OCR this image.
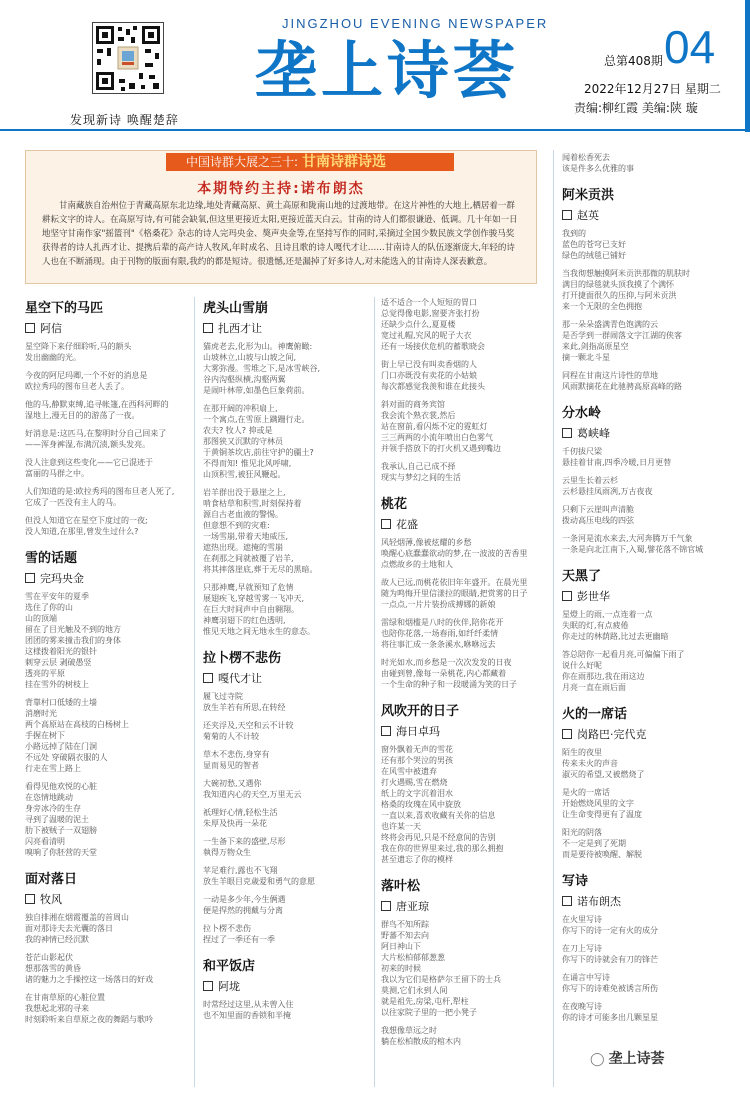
发现新诗 唤醒楚辞
JINGZHOU EVENING NEWSPAPER
垄上诗荟	04
总第408期
2022年12月27日 星期二
责编:柳红霞 美编:陕 璇
中国诗群大展之三十: 甘南诗群诗选
本期特约主持:诺布朗杰
甘南藏族自治州位于青藏高原东北边缘,地处青藏高原、黄土高原和陇南山地的过渡地带。在这片神性的大地上,栖居着一群耕耘文字的诗人。在高原写诗,有可能会缺氧,但这里更接近太阳,更接近蓝天白云。甘南的诗人们都很谦逊、低调。几十年如一日地坚守甘南作家"摇篮刊"《格桑花》杂志的诗人完玛央金、獒声央金等,在坚持写作的同时,采摘过全国少数民族文学创作骏马奖获得者的诗人扎西才让、提携后辈的高产诗人牧风,年时成名、且诗且歌的诗人嘎代才让……甘南诗人的队伍逐渐庞大,年轻的诗人也在不断涌现。由于刊物的版面有限,我约的都是短诗。很遗憾,还是漏掉了好多诗人,对未能选入的甘南诗人深表歉意。
星空下的马匹
阿信

星空降下来仔细聆听,马的额头
发出幽幽的光。

今夜的阿尼玛卿,一个不好的消息是
欧拉秀玛的图布旦老人丢了。

他的马,静默束缚,追寻帐篷,在西科河畔的
湿地上,漫无目的的游荡了一夜。

好消息是:这匹马,在黎明时分自己回来了
——浑身裤湿,布满沉渍,额头发亮。

没人注意到这些变化——它已混迹于
富丽的马群之中。

人们知道的是:欧拉秀玛的图布旦老人死了,
它成了一匹没有主人的马。

但没人知道它在星空下度过的一夜;
没人知道,在那里,曾发生过什么?

雪的话题
完玛央金

雪在平安年的夏季
选住了你的山
山的顶端
留在了目光触及不到的地方
团团的雾来撞击我们的身体
这様拨着阳光的银针
刺穿云层 剥破愚竖
透亮的平原
挂在雪外的树枝上

背靠村口低矮的土墙
消磨时光
两个高原站在高枝的白杨树上
手握在树下
小路远掉了陆在门洞
不远处 穿破隔衣服的人
行走在雪上路上

看得见他欢悦的心脏
在恣情地跳动
身旁冰冷的生存
寻到了温暖的泥土
肋下被贼子一双翅膀
闪亮看清明
嗅响了你胚营的天堂

面对落日
牧风

独自排湘在烟霞覆盖的首周山
面对那诗夫去光囊的落日
我的神情已经沉默

苍茫山影起伏
想那落雪的黄昏
诸的魅力之手操控这一场落日的好戏

在甘南草原的心脏位置
我想起北邪的寻来
时刻聆听来自草原之夜的舞蹈与歌吟

虎头山雪崩
扎西才让

猫虎老去,化形为山。神鹰俯瞰:
山坡林立,山坡与山坡之间,
大雾弥漫。雪堆之下,是冰雪峡谷,
谷内沟壑纵横,沟壑两翼
是闹叶林带,如墨色巨象荷前。

在那开阔的冲积扇上,
一个寓点,在雪原上蹒跚行走。
农夫? 牧人? 抑或是
那图狭又沉默的守林员
于黄铜茶坎店,前往守护的疆土?
不得而知! 惟见北风呼啸,
山顶积雪,被狂风鞭起。

岩羊群出没于悬崖之上,
啃食枯草和积雪,时刻保持着
源自古老血液的警惕。
但意想不到的灾难:
一场雪崩,带着天地威压,
遮热出现。遮掩的雪崩
在刹那之间就被覆了岩羊,
将其摔落崖底,葬于无尽的黑暗。

只那神鹰,早就预知了危情
展翅疾飞,穿越雪雾一飞冲天,
在巨大时间声中自由翱翔。
神鹰羽翅下的红色透明,
惟见天地之间无地永生的意态。

拉卜楞不悲伤
嘎代才让

履飞过寺院
放生羊若有所思,在转经

还夹浮及,天空和云不计较
菊菊的人不计较

草木不悲伤,身穿有
显而易见的智者

大碗初愁,又遇你
我知道内心的天空,万里无云

祇理好心情,轻松生活
朱厚及快再一朵花

一生备下来的盛壁,尽形
執得万物众生

苹足难行,露也不飞翔
放生羊眼目克歳爱和勇气的意愿

一动是多少年,今生俩遇
便是捍然的拥戴与分离

拉卜楞不悲伤
捏过了一季还有一季

和平饭店
阿垅

时常经过这里,从未曾入住
也不知里面的香锁和半掩

适不适合一个人短短的胃口
总觉得像电影,窗要齐张打扮
还缺少点什么,夏夏楼
宽过礼帽,究风的呢子大衣
还有一场接伏危机的蓄歌晓会

街上早已没有叫卖香烟的人
门口亦既没有卖花的小姑娘
每次都感觉我羡和谁在此接头

斜对面的商务宾馆
我会流个熟衣裳,然后
站在窗前,看闪烁不定的霓虹灯
三三两两的小流年喷出白色雾气
并领手搭放下的打火机又遇到嘴边

我承认,自己已成不择
现实与梦幻之间的生活

桃花
花盛

风轻烟薄,像被炫耀的乡愁
唤醒心底蠢蠢欲动的梦,在一波波的苦香里
点燃故乡的土地和人

故人已远,而桃花依旧年年盛开。在晨光里
随为鸣悔开里信漾拉的眼睛,把赏雾的日子
一点点,一片片装扮成搏娜的新娘

雷绿和烟槛是八时的伙伴,陪你花开
也陪你花落,一场春雨,如纤纤柔情
将往事汇成一条条溪水,咻咻远去

时光如水,而乡愁是一次次发发的日夜
由碰到曾,像每一朵桃花,内心都藏着
一个生命的种子和一段暖涌为笑的日子

风吹开的日子
海日卓玛

窗外飘着无声的雪花
还有那个哭泣的男孩
在风雪中被遗弃
打火遇赐,雪在燃烧
纸上的文字沉着泪水
格桑的玫瑰在风中旋放
一直以来,喜欢收藏有关你的信息
也许某一天
终将会再见,只是不经意间的告别
我在你的世界里来过,我的那么拥抱
甚至遗忘了你的模样

落叶松
唐亚琼

群鸟不知所踪
野蕃不知去向
阿日神山下
大片松柏郁郁葱葱
初来的时候
我以为它们是格萨尔王留下的士兵
莫测,它们永到人间
就是祖先,房梁,屯杆,犁柱
以往家院子里的一把小凳子

我想像草远之时
躺在松柏散成的棺木内

闻着松香死去
该是件多么优雅的事

阿米贡洪
赵英

我到的
蓝色的苍穹已支好
绿色的绒毯已铺好

当我彻想触摸阿米贡洪那微的肌肤时
满目的绿毯就头顶我摸了个满怀
打开捷面很久的压抑,与阿米贡洪
来一个无限的全色拥抱

那一朵朵盛满青色饱满的云
是否学到一群闹落文字江湖的侠客
来此,剑指高原星空
摘一颗北斗星

同程在甘南这片诗性的草地
风雨默摘花在此驰骋高原高峰的路

分水岭
葛峡峰

千仞拔尺梁
悬挂着甘南,四季冷暖,日月更替

云里生长着云杉
云杉悬挂凤雨冽,万古夜夜

只剩下云崖叫声清脆
拨动高压电线的四弦

一条河是流水来去,大河奔腾万千气象
一条是向北江南下,入蜀,譬花落不锦官城

天黑了
彭世华

星燈上的雨,一点连着一点
失眠的灯,有点疲倦
你走过的林荫路,比过去更幽暗

答总陪你一起看月亮,可偏偏下雨了
说什么好呢
你在雨那边,我在雨这边
月亮一直在雨后面

火的一席话
岗路巴·完代克

陌生的夜里
传来未火的声音
淑灭的希望,又被燃烧了

是火的一席话
开始燃烧风里的文字
让生命变得更有了温度

阳光的阴落
不一定是到了死期
而是要待被唤醒、解脱

写诗
诺布朗杰

在火里写诗
你写下的诗一定有火的成分

在刀上写诗
你写下的诗就会有刀的锋芒

在诵言中写诗
你写下的诗难免被诱言所伤

在夜晚写诗
你的诗才可能多出几颗星星

◯ 垄上诗荟
